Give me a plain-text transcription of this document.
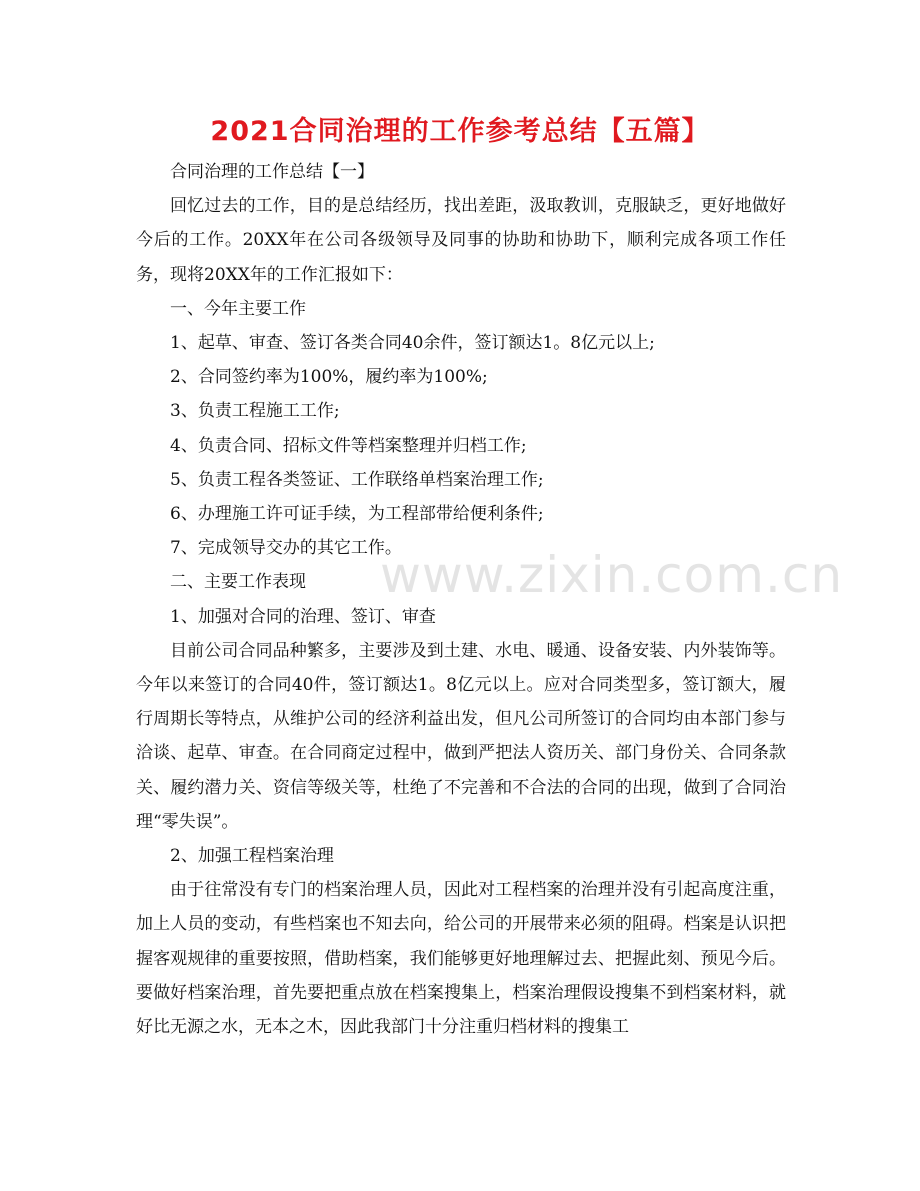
2021合同治理的工作参考总结【五篇】

合同治理的工作总结【一】

回忆过去的工作，目的是总结经历，找出差距，汲取教训，克服缺乏，更好地做好今后的工作。20XX年在公司各级领导及同事的协助和协助下，顺利完成各项工作任务，现将20XX年的工作汇报如下：

一、今年主要工作

1、起草、审查、签订各类合同40余件，签订额达1。8亿元以上;

2、合同签约率为100%，履约率为100%;

3、负责工程施工工作;

4、负责合同、招标文件等档案整理并归档工作;

5、负责工程各类签证、工作联络单档案治理工作;

6、办理施工许可证手续，为工程部带给便利条件;

7、完成领导交办的其它工作。

二、主要工作表现

1、加强对合同的治理、签订、审查

目前公司合同品种繁多，主要涉及到土建、水电、暖通、设备安装、内外装饰等。今年以来签订的合同40件，签订额达1。8亿元以上。应对合同类型多，签订额大，履行周期长等特点，从维护公司的经济利益出发，但凡公司所签订的合同均由本部门参与洽谈、起草、审查。在合同商定过程中，做到严把法人资历关、部门身份关、合同条款关、履约潜力关、资信等级关等，杜绝了不完善和不合法的合同的出现，做到了合同治理“零失误”。

2、加强工程档案治理

由于往常没有专门的档案治理人员，因此对工程档案的治理并没有引起高度注重，加上人员的变动，有些档案也不知去向，给公司的开展带来必须的阻碍。档案是认识把握客观规律的重要按照，借助档案，我们能够更好地理解过去、把握此刻、预见今后。要做好档案治理，首先要把重点放在档案搜集上，档案治理假设搜集不到档案材料，就好比无源之水，无本之木，因此我部门十分注重归档材料的搜集工

www.zixin.com.cn
